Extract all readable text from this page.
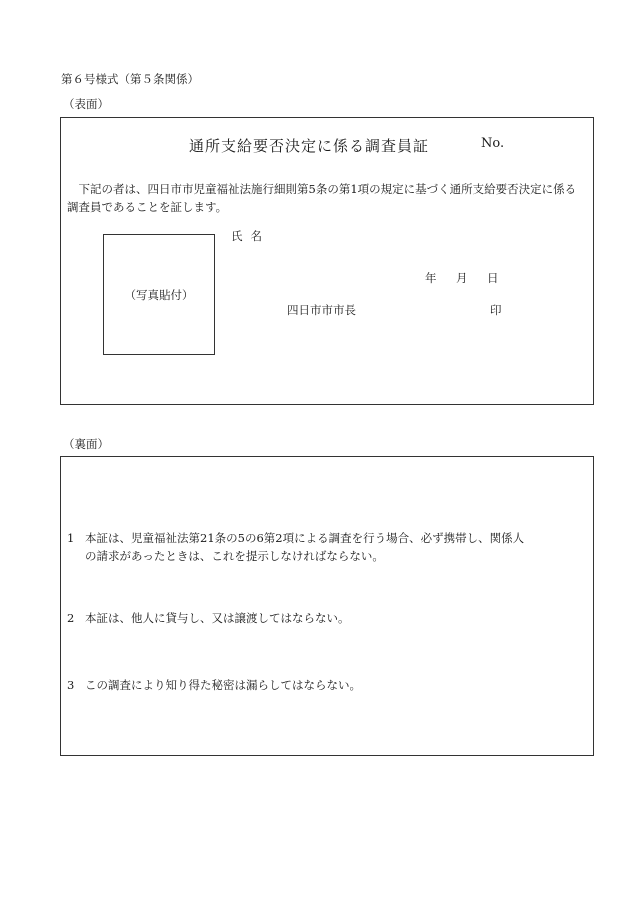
第６号様式（第５条関係）
（表面）
通所支給要否決定に係る調査員証	No.
下記の者は、四日市市児童福祉法施行細則第5条の第1項の規定に基づく通所支給要否決定に係る調査員であることを証します。
（写真貼付）
氏名
年 月 日
四日市市市長	印
（裏面）
1 本証は、児童福祉法第21条の5の6第2項による調査を行う場合、必ず携帯し、関係人
の請求があったときは、これを提示しなければならない。
2 本証は、他人に貸与し、又は譲渡してはならない。
3 この調査により知り得た秘密は漏らしてはならない。
